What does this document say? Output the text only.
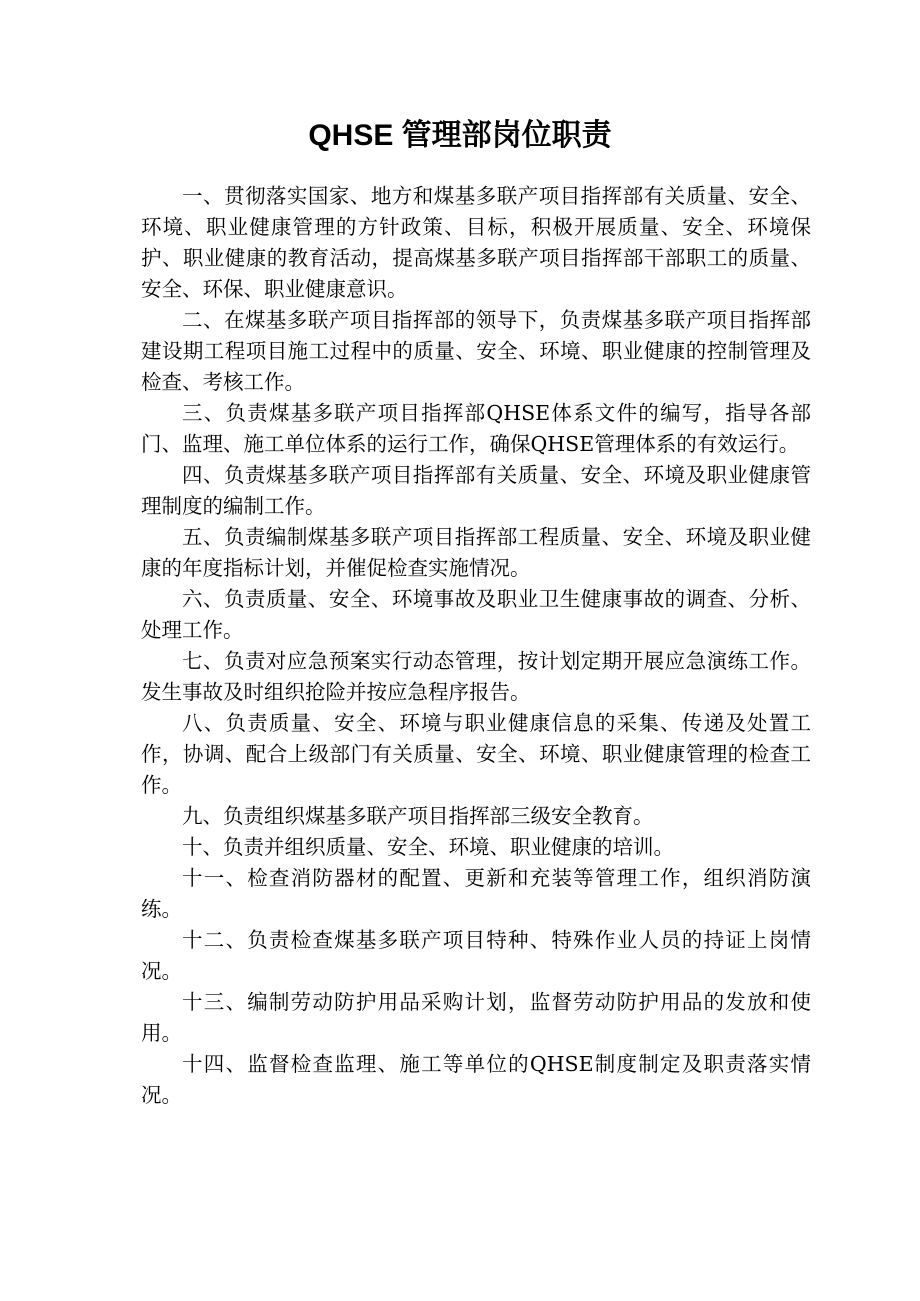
QHSE 管理部岗位职责

一、贯彻落实国家、地方和煤基多联产项目指挥部有关质量、安全、环境、职业健康管理的方针政策、目标，积极开展质量、安全、环境保护、职业健康的教育活动，提高煤基多联产项目指挥部干部职工的质量、安全、环保、职业健康意识。

二、在煤基多联产项目指挥部的领导下，负责煤基多联产项目指挥部建设期工程项目施工过程中的质量、安全、环境、职业健康的控制管理及检查、考核工作。

三、负责煤基多联产项目指挥部QHSE体系文件的编写，指导各部门、监理、施工单位体系的运行工作，确保QHSE管理体系的有效运行。

四、负责煤基多联产项目指挥部有关质量、安全、环境及职业健康管理制度的编制工作。

五、负责编制煤基多联产项目指挥部工程质量、安全、环境及职业健康的年度指标计划，并催促检查实施情况。

六、负责质量、安全、环境事故及职业卫生健康事故的调查、分析、处理工作。

七、负责对应急预案实行动态管理，按计划定期开展应急演练工作。发生事故及时组织抢险并按应急程序报告。

八、负责质量、安全、环境与职业健康信息的采集、传递及处置工作，协调、配合上级部门有关质量、安全、环境、职业健康管理的检查工作。

九、负责组织煤基多联产项目指挥部三级安全教育。

十、负责并组织质量、安全、环境、职业健康的培训。

十一、检查消防器材的配置、更新和充装等管理工作，组织消防演练。

十二、负责检查煤基多联产项目特种、特殊作业人员的持证上岗情况。

十三、编制劳动防护用品采购计划，监督劳动防护用品的发放和使用。

十四、监督检查监理、施工等单位的QHSE制度制定及职责落实情况。
